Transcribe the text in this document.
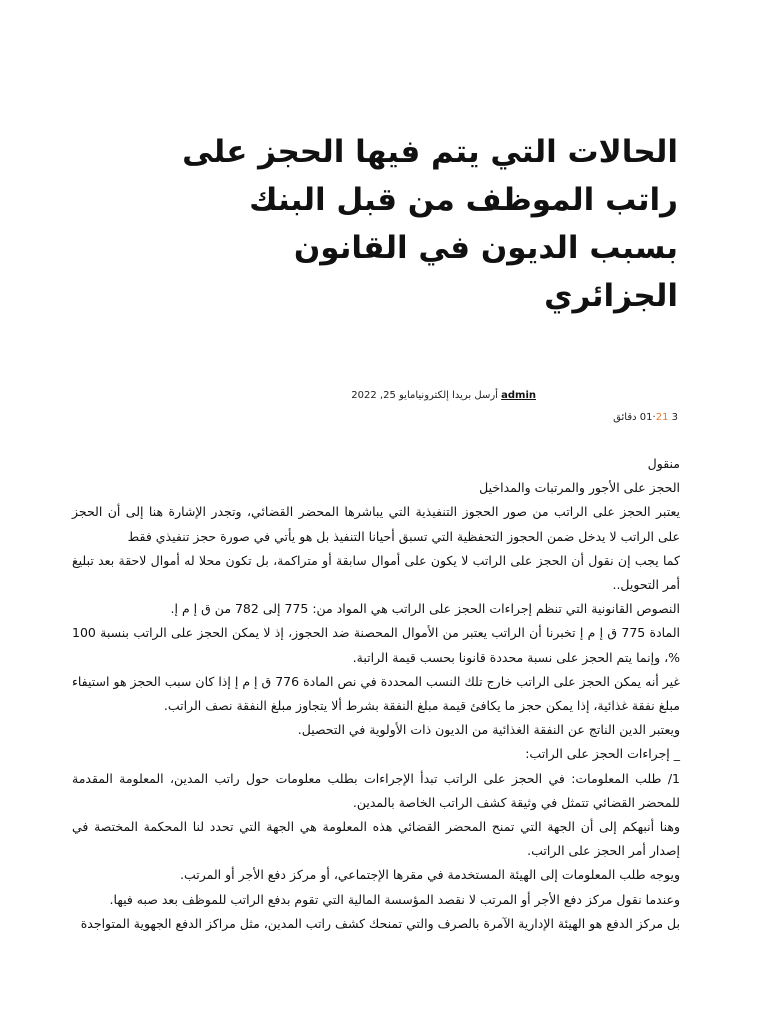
الحالات التي يتم فيها الحجز على راتب الموظف من قبل البنك بسبب الديون في القانون الجزائري
admin أرسل بريدا إلكترونيامايو 25, 2022
3 21·01 دقائق

منقول

الحجز على الأجور والمرتبات والمداخيل

يعتبر الحجز على الراتب من صور الحجوز التنفيذية التي يباشرها المحضر القضائي، وتجدر الإشارة هنا إلى أن الحجز على الراتب لا يدخل ضمن الحجوز التحفظية التي تسبق أحيانا التنفيذ بل هو يأتي في صورة حجز تنفيذي فقط

كما يجب إن نقول أن الحجز على الراتب لا يكون على أموال سابقة أو متراكمة، بل تكون محلا له أموال لاحقة بعد تبليغ أمر التحويل..

النصوص القانونية التي تنظم إجراءات الحجز على الراتب هي المواد من: 775 إلى 782 من ق إ م إ.

المادة 775 ق إ م إ تخبرنا أن الراتب يعتبر من الأموال المحصنة ضد الحجوز، إذ لا يمكن الحجز على الراتب بنسبة 100 %، وإنما يتم الحجز على نسبة محددة قانونا بحسب قيمة الراتبة.

غير أنه يمكن الحجز على الراتب خارج تلك النسب المحددة في نص المادة 776 ق إ م إ إذا كان سبب الحجز هو استيفاء مبلغ نفقة غذائية، إذا يمكن حجز ما يكافئ قيمة مبلغ النفقة بشرط ألا يتجاوز مبلغ النفقة نصف الراتب.

ويعتبر الدين الناتج عن النفقة الغذائية من الديون ذات الأولوية في التحصيل.

_ إجراءات الحجز على الراتب:

1/ طلب المعلومات: في الحجز على الراتب تبدأ الإجراءات بطلب معلومات حول راتب المدين، المعلومة المقدمة للمحضر القضائي تتمثل في وثيقة كشف الراتب الخاصة بالمدين.

وهنا أنبهكم إلى أن الجهة التي تمنح المحضر القضائي هذه المعلومة هي الجهة التي تحدد لنا المحكمة المختصة في إصدار أمر الحجز على الراتب.

ويوجه طلب المعلومات إلى الهيئة المستخدمة في مقرها الإجتماعي، أو مركز دفع الأجر أو المرتب.

وعندما نقول مركز دفع الأجر أو المرتب لا نقصد المؤسسة المالية التي تقوم بدفع الراتب للموظف بعد صبه فيها.

بل مركز الدفع هو الهيئة الإدارية الآمرة بالصرف والتي تمنحك كشف راتب المدين، مثل مراكز الدفع الجهوية المتواجدة
